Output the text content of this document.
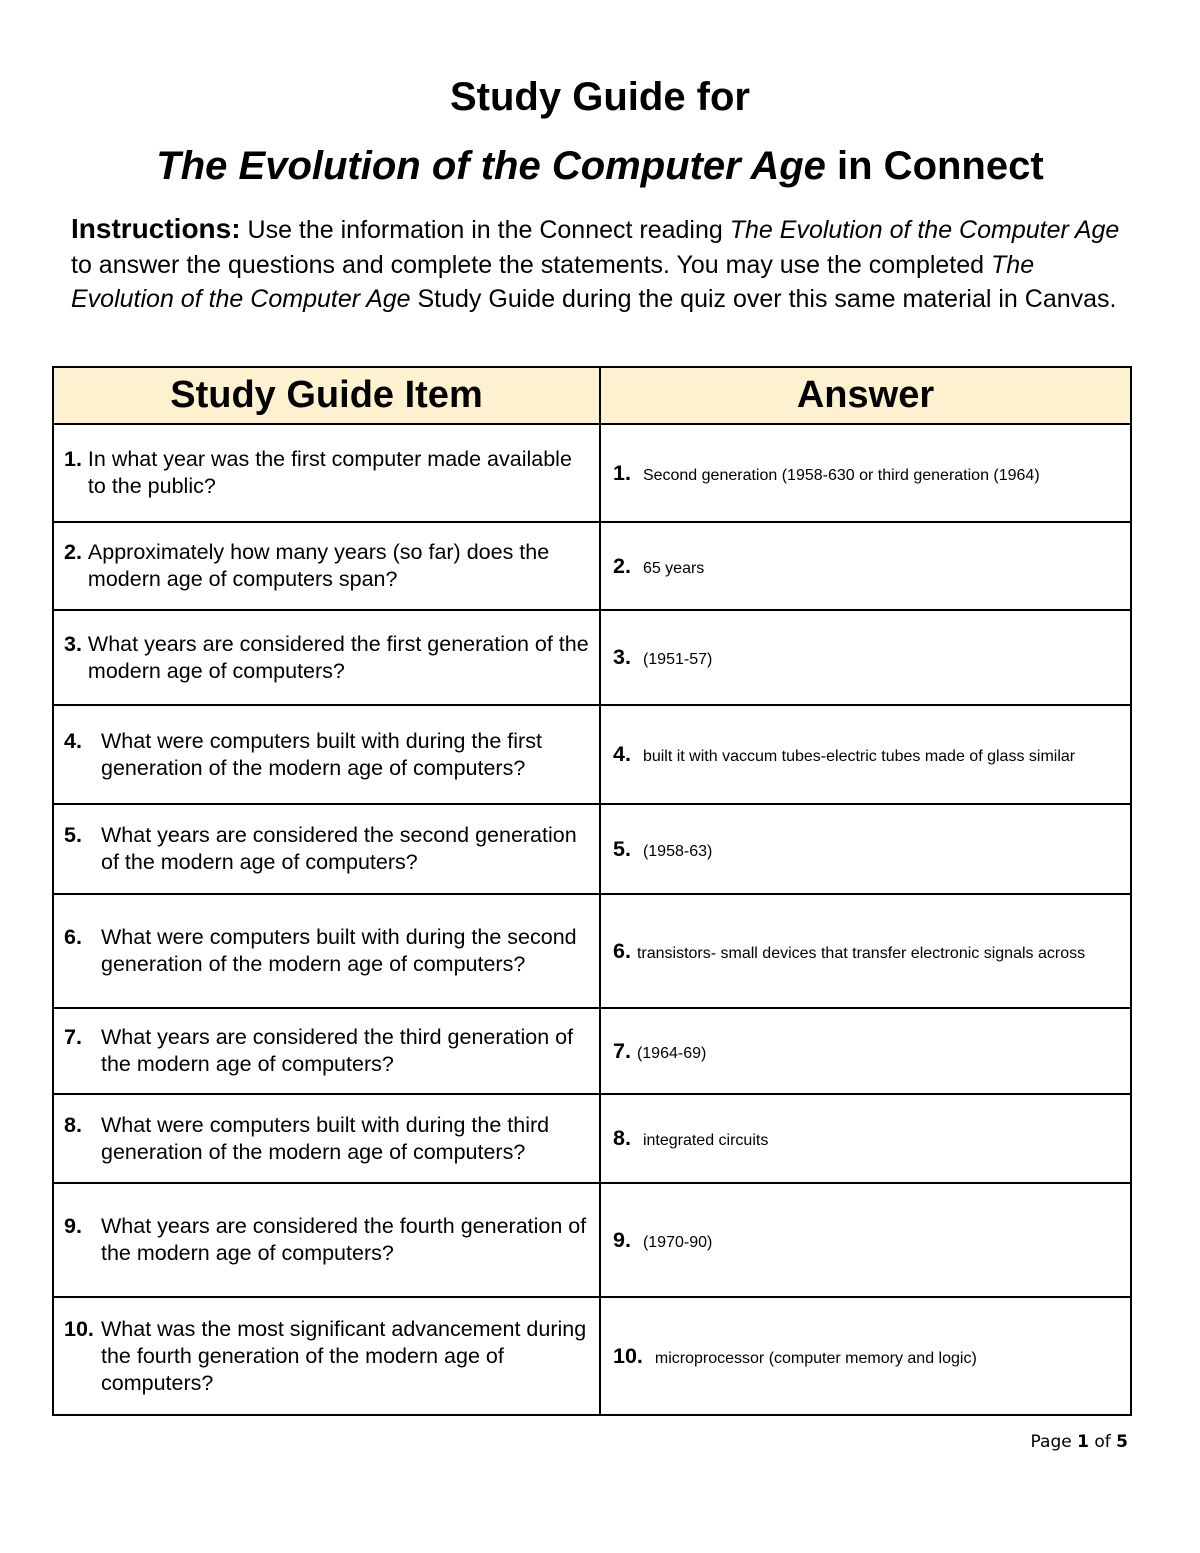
Study Guide for
The Evolution of the Computer Age in Connect
Instructions: Use the information in the Connect reading The Evolution of the Computer Age to answer the questions and complete the statements. You may use the completed The Evolution of the Computer Age Study Guide during the quiz over this same material in Canvas.
Study Guide Item	Answer

1.
In what year was the first computer made available to the public?	1. Second generation (1958-630 or third generation (1964)

2.
Approximately how many years (so far) does the modern age of computers span?	2. 65 years

3.
What years are considered the first generation of the modern age of computers?	3. (1951-57)

4. What were computers built with during the first generation of the modern age of computers?	4. built it with vaccum tubes-electric tubes made of glass similar

5. What years are considered the second generation of the modern age of computers?	5. (1958-63)

6. What were computers built with during the second generation of the modern age of computers?	6. transistors- small devices that transfer electronic signals across

7. What years are considered the third generation of the modern age of computers?	7. (1964-69)

8. What were computers built with during the third generation of the modern age of computers?	8. integrated circuits

9. What years are considered the fourth generation of the modern age of computers?	9. (1970-90)

10. What was the most significant advancement during the fourth generation of the modern age of computers?	10. microprocessor (computer memory and logic)
Page 1 of 5
